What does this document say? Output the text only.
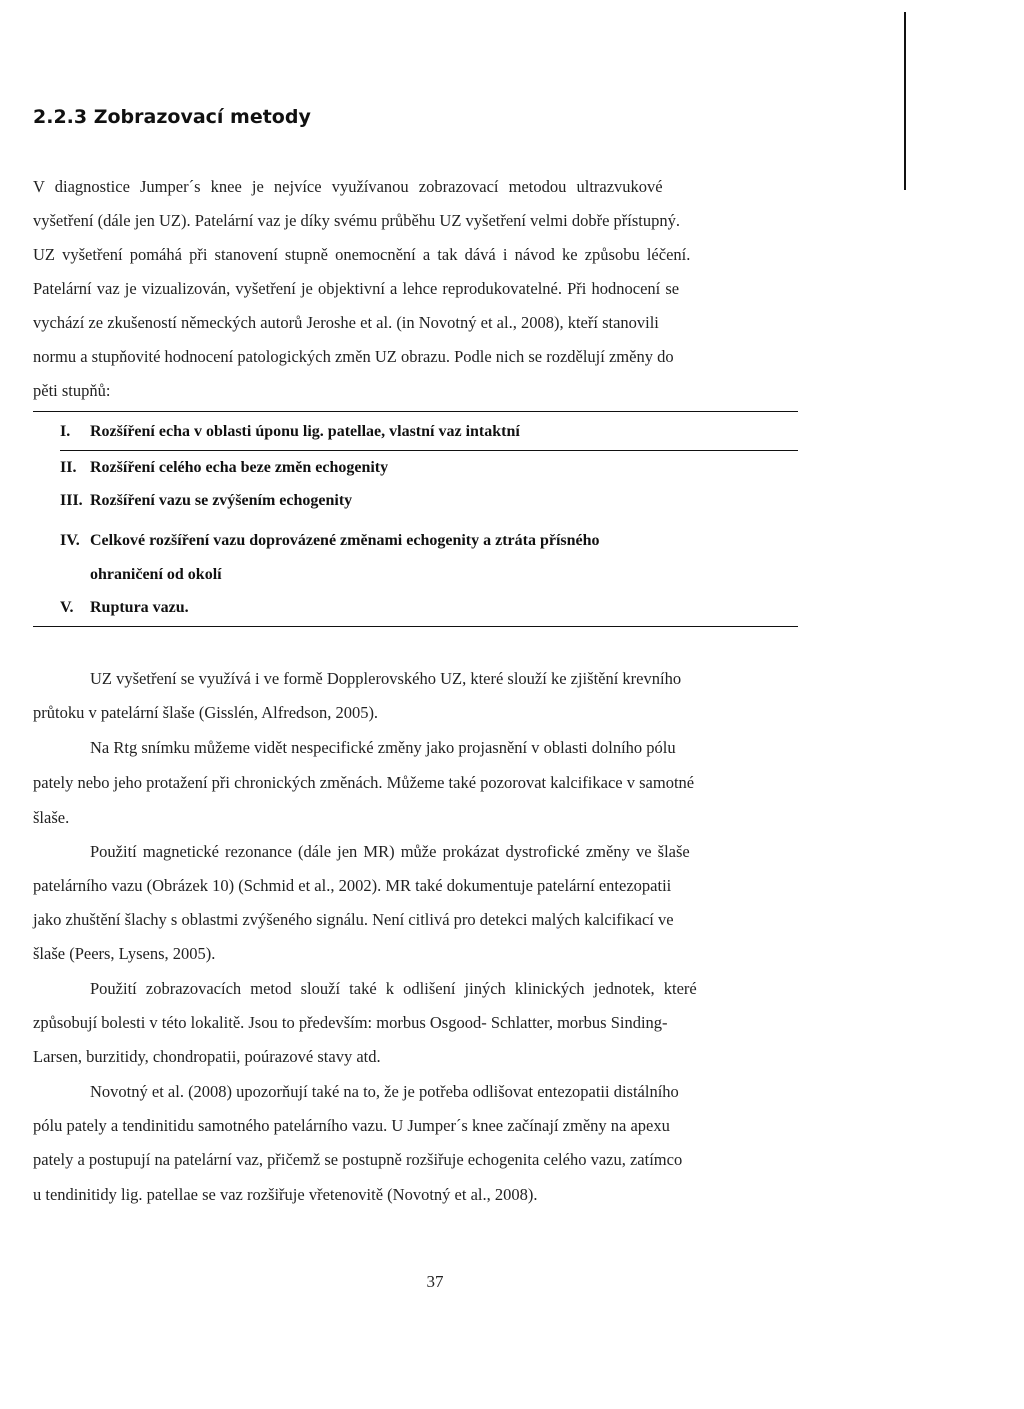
2.2.3 Zobrazovací metody
V diagnostice Jumper´s knee je nejvíce využívanou zobrazovací metodou ultrazvukové
vyšetření (dále jen UZ). Patelární vaz je díky svému průběhu UZ vyšetření velmi dobře přístupný.
UZ vyšetření pomáhá při stanovení stupně onemocnění a tak dává i návod ke způsobu léčení.
Patelární vaz je vizualizován, vyšetření je objektivní a lehce reprodukovatelné. Při hodnocení se
vychází ze zkušeností německých autorů Jeroshe et al. (in Novotný et al., 2008), kteří stanovili
normu a stupňovité hodnocení patologických změn UZ obrazu. Podle nich se rozdělují změny do
pěti stupňů:
I. Rozšíření echa v oblasti úponu lig. patellae, vlastní vaz intaktní
II. Rozšíření celého echa beze změn echogenity
III. Rozšíření vazu se zvýšením echogenity
IV. Celkové rozšíření vazu doprovázené změnami echogenity a ztráta přísného
ohraničení od okolí
V. Ruptura vazu.
UZ vyšetření se využívá i ve formě Dopplerovského UZ, které slouží ke zjištění krevního
průtoku v patelární šlaše (Gisslén, Alfredson, 2005).
Na Rtg snímku můžeme vidět nespecifické změny jako projasnění v oblasti dolního pólu
pately nebo jeho protažení při chronických změnách. Můžeme také pozorovat kalcifikace v samotné
šlaše.
Použití magnetické rezonance (dále jen MR) může prokázat dystrofické změny ve šlaše
patelárního vazu (Obrázek 10) (Schmid et al., 2002). MR také dokumentuje patelární entezopatii
jako zhuštění šlachy s oblastmi zvýšeného signálu. Není citlivá pro detekci malých kalcifikací ve
šlaše (Peers, Lysens, 2005).
Použití zobrazovacích metod slouží také k odlišení jiných klinických jednotek, které
způsobují bolesti v této lokalitě. Jsou to především: morbus Osgood- Schlatter, morbus Sinding-
Larsen, burzitidy, chondropatii, poúrazové stavy atd.
Novotný et al. (2008) upozorňují také na to, že je potřeba odlišovat entezopatii distálního
pólu pately a tendinitidu samotného patelárního vazu. U Jumper´s knee začínají změny na apexu
pately a postupují na patelární vaz, přičemž se postupně rozšiřuje echogenita celého vazu, zatímco
u tendinitidy lig. patellae se vaz rozšiřuje vřetenovitě (Novotný et al., 2008).
37
